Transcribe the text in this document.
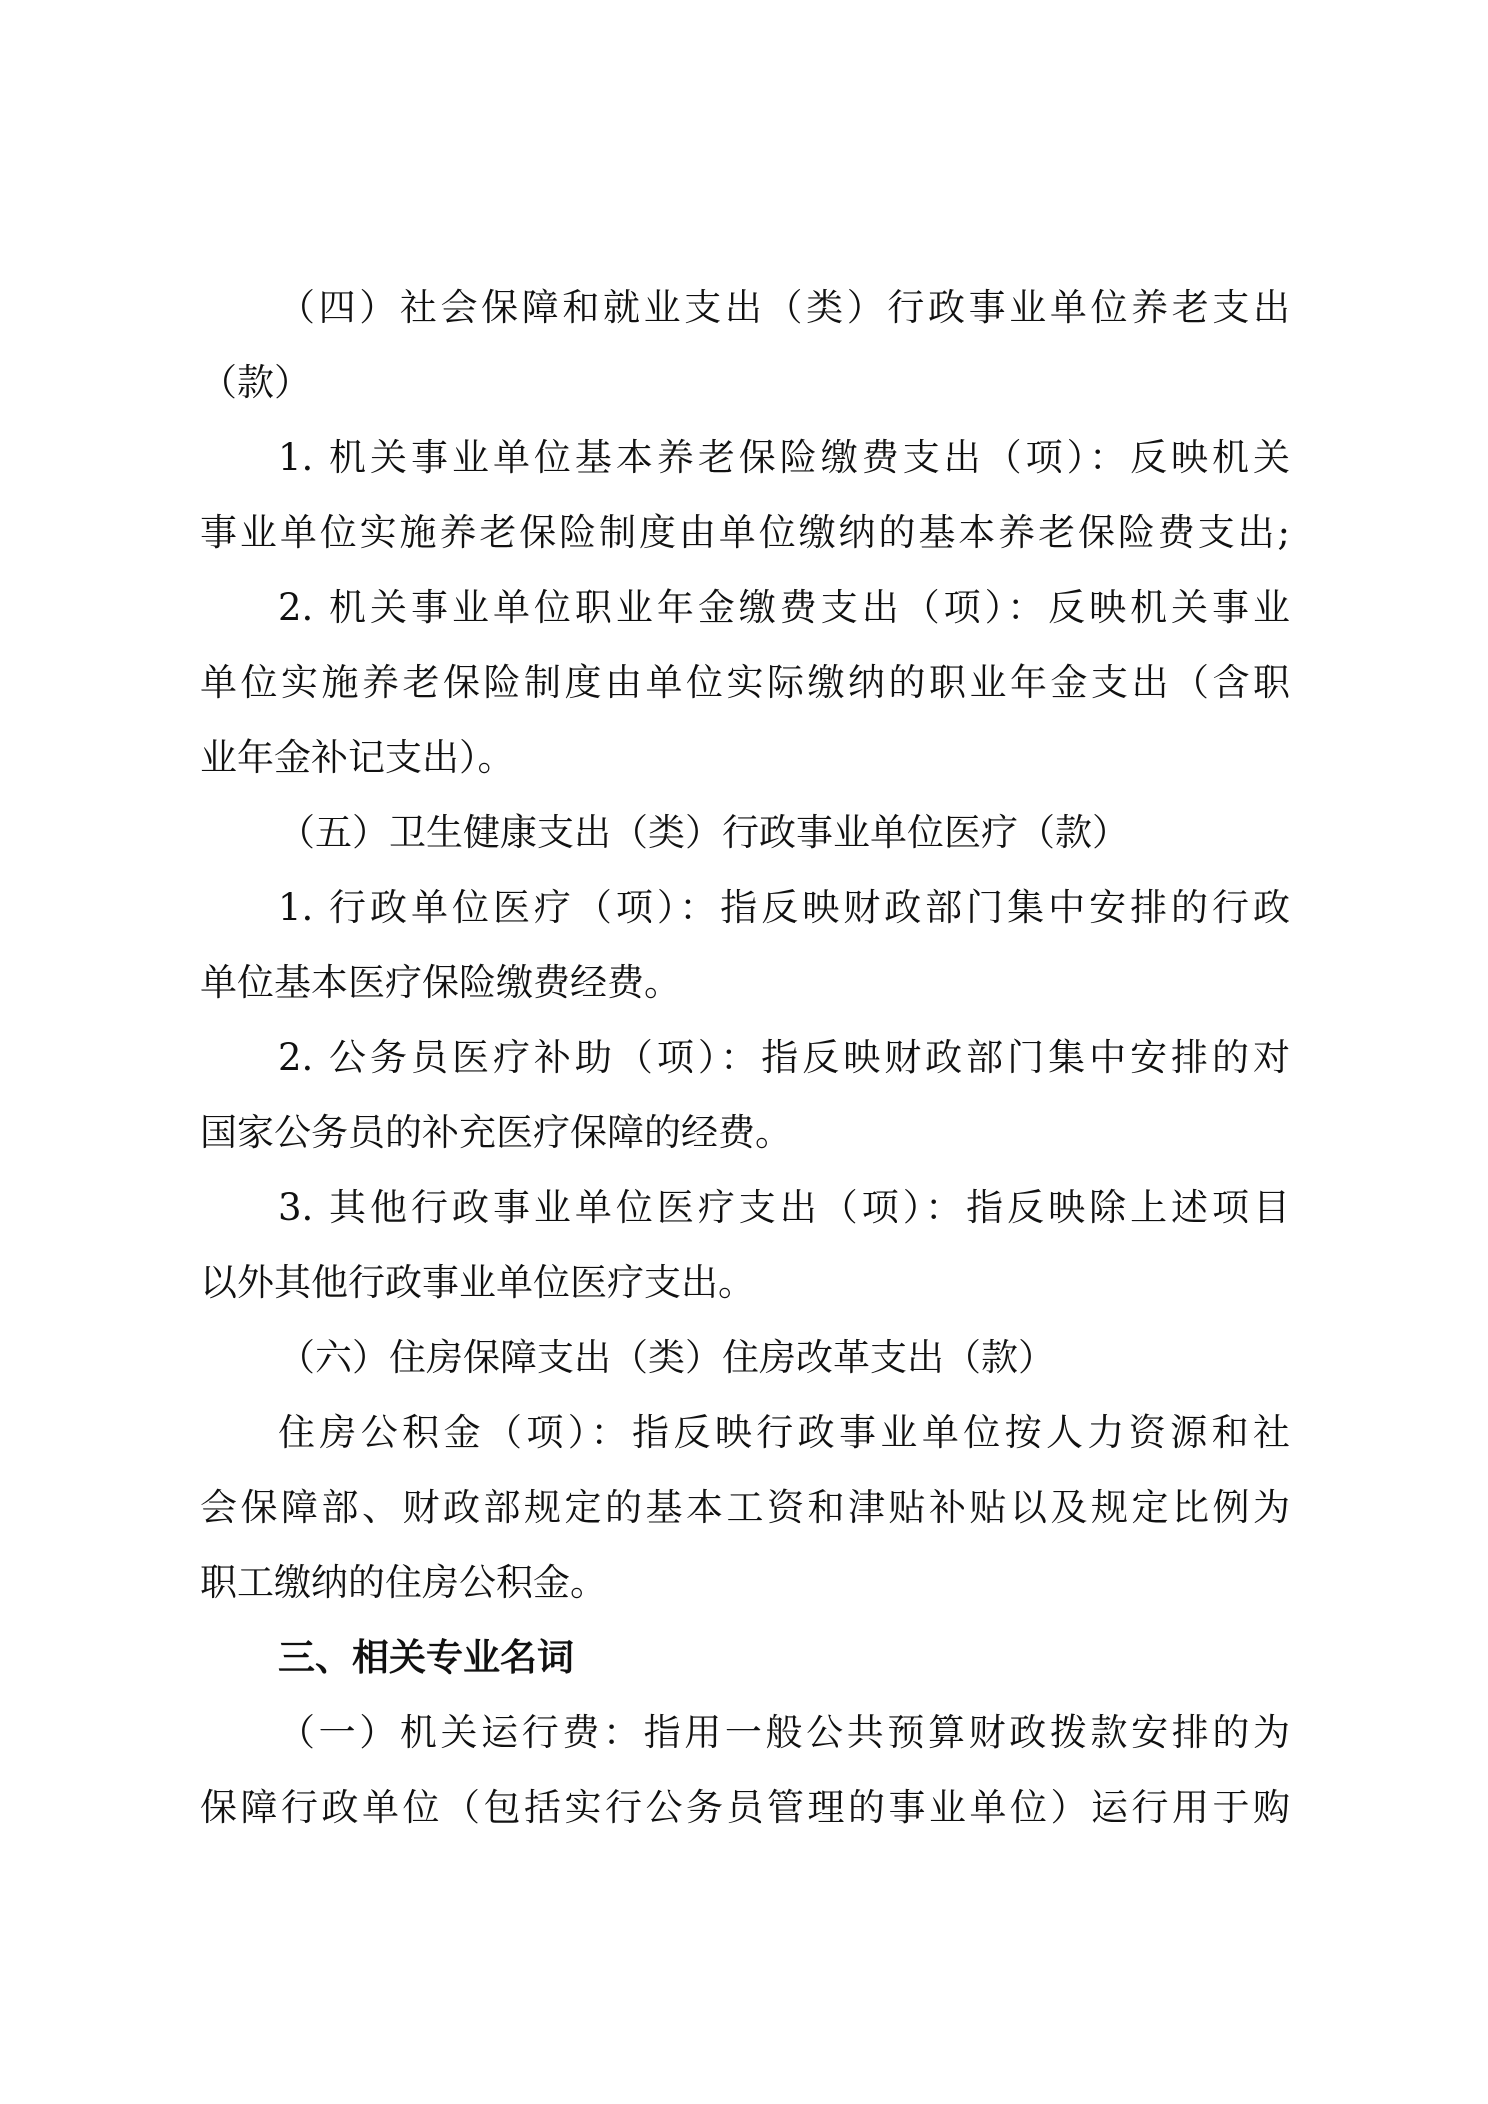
（四）社会保障和就业支出（类）行政事业单位养老支出
（款）
1. 机关事业单位基本养老保险缴费支出（项）：反映机关
事业单位实施养老保险制度由单位缴纳的基本养老保险费支出;
2. 机关事业单位职业年金缴费支出（项）：反映机关事业
单位实施养老保险制度由单位实际缴纳的职业年金支出（含职
业年金补记支出）。
（五）卫生健康支出（类）行政事业单位医疗（款）
1. 行政单位医疗（项）：指反映财政部门集中安排的行政
单位基本医疗保险缴费经费。
2. 公务员医疗补助（项）：指反映财政部门集中安排的对
国家公务员的补充医疗保障的经费。
3. 其他行政事业单位医疗支出（项）：指反映除上述项目
以外其他行政事业单位医疗支出。
（六）住房保障支出（类）住房改革支出（款）
住房公积金（项）：指反映行政事业单位按人力资源和社
会保障部、财政部规定的基本工资和津贴补贴以及规定比例为
职工缴纳的住房公积金。
三、相关专业名词
（一）机关运行费：指用一般公共预算财政拨款安排的为
保障行政单位（包括实行公务员管理的事业单位）运行用于购
